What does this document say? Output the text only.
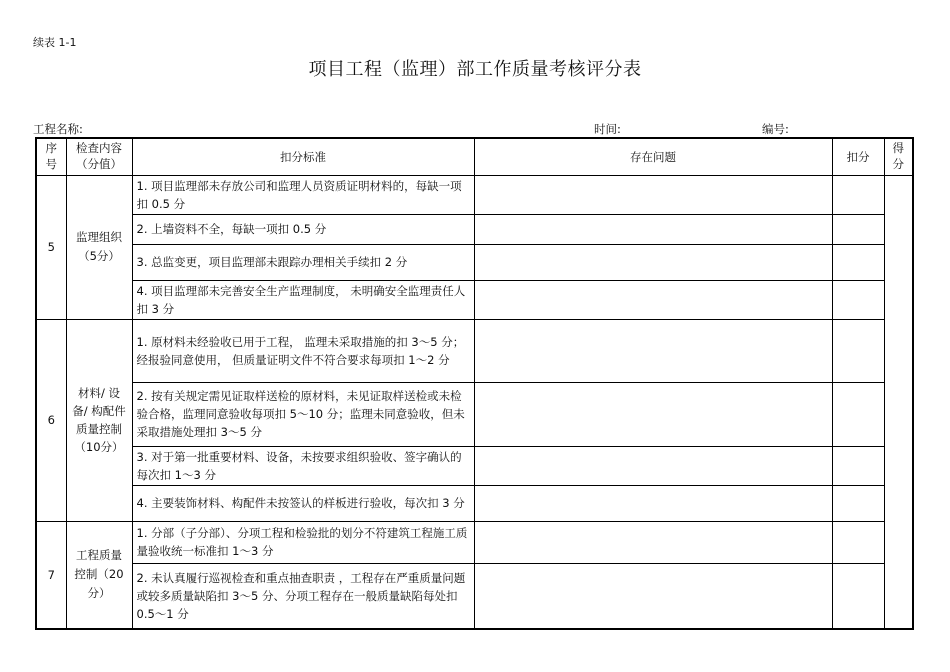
续表 1-1
项目工程（监理）部工作质量考核评分表
工程名称:	时间:	编号:
序号	检查内容（分值）	扣分标准	存在问题	扣分	得分
5	监理组织（5分）	1. 项目监理部未存放公司和监理人员资质证明材料的，每缺一项扣 0.5 分			
		2. 上墙资料不全，每缺一项扣 0.5 分			
		3. 总监变更，项目监理部未跟踪办理相关手续扣 2 分			
		4. 项目监理部未完善安全生产监理制度， 未明确安全监理责任人扣 3 分			
6	材料/ 设备/ 构配件质量控制（10分）	1. 原材料未经验收已用于工程， 监理未采取措施的扣 3～5 分；经报验同意使用， 但质量证明文件不符合要求每项扣 1～2 分			
		2. 按有关规定需见证取样送检的原材料，未见证取样送检或未检验合格，监理同意验收每项扣 5～10 分；监理未同意验收，但未采取措施处理扣 3～5 分			
		3. 对于第一批重要材料、设备，未按要求组织验收、签字确认的每次扣 1～3 分			
		4. 主要装饰材料、构配件未按签认的样板进行验收，每次扣 3 分			
7	工程质量控制（20分）	1. 分部（子分部）、分项工程和检验批的划分不符建筑工程施工质量验收统一标准扣 1～3 分			
		2. 未认真履行巡视检查和重点抽查职责 ，工程存在严重质量问题或较多质量缺陷扣 3～5 分、分项工程存在一般质量缺陷每处扣 0.5～1 分			
